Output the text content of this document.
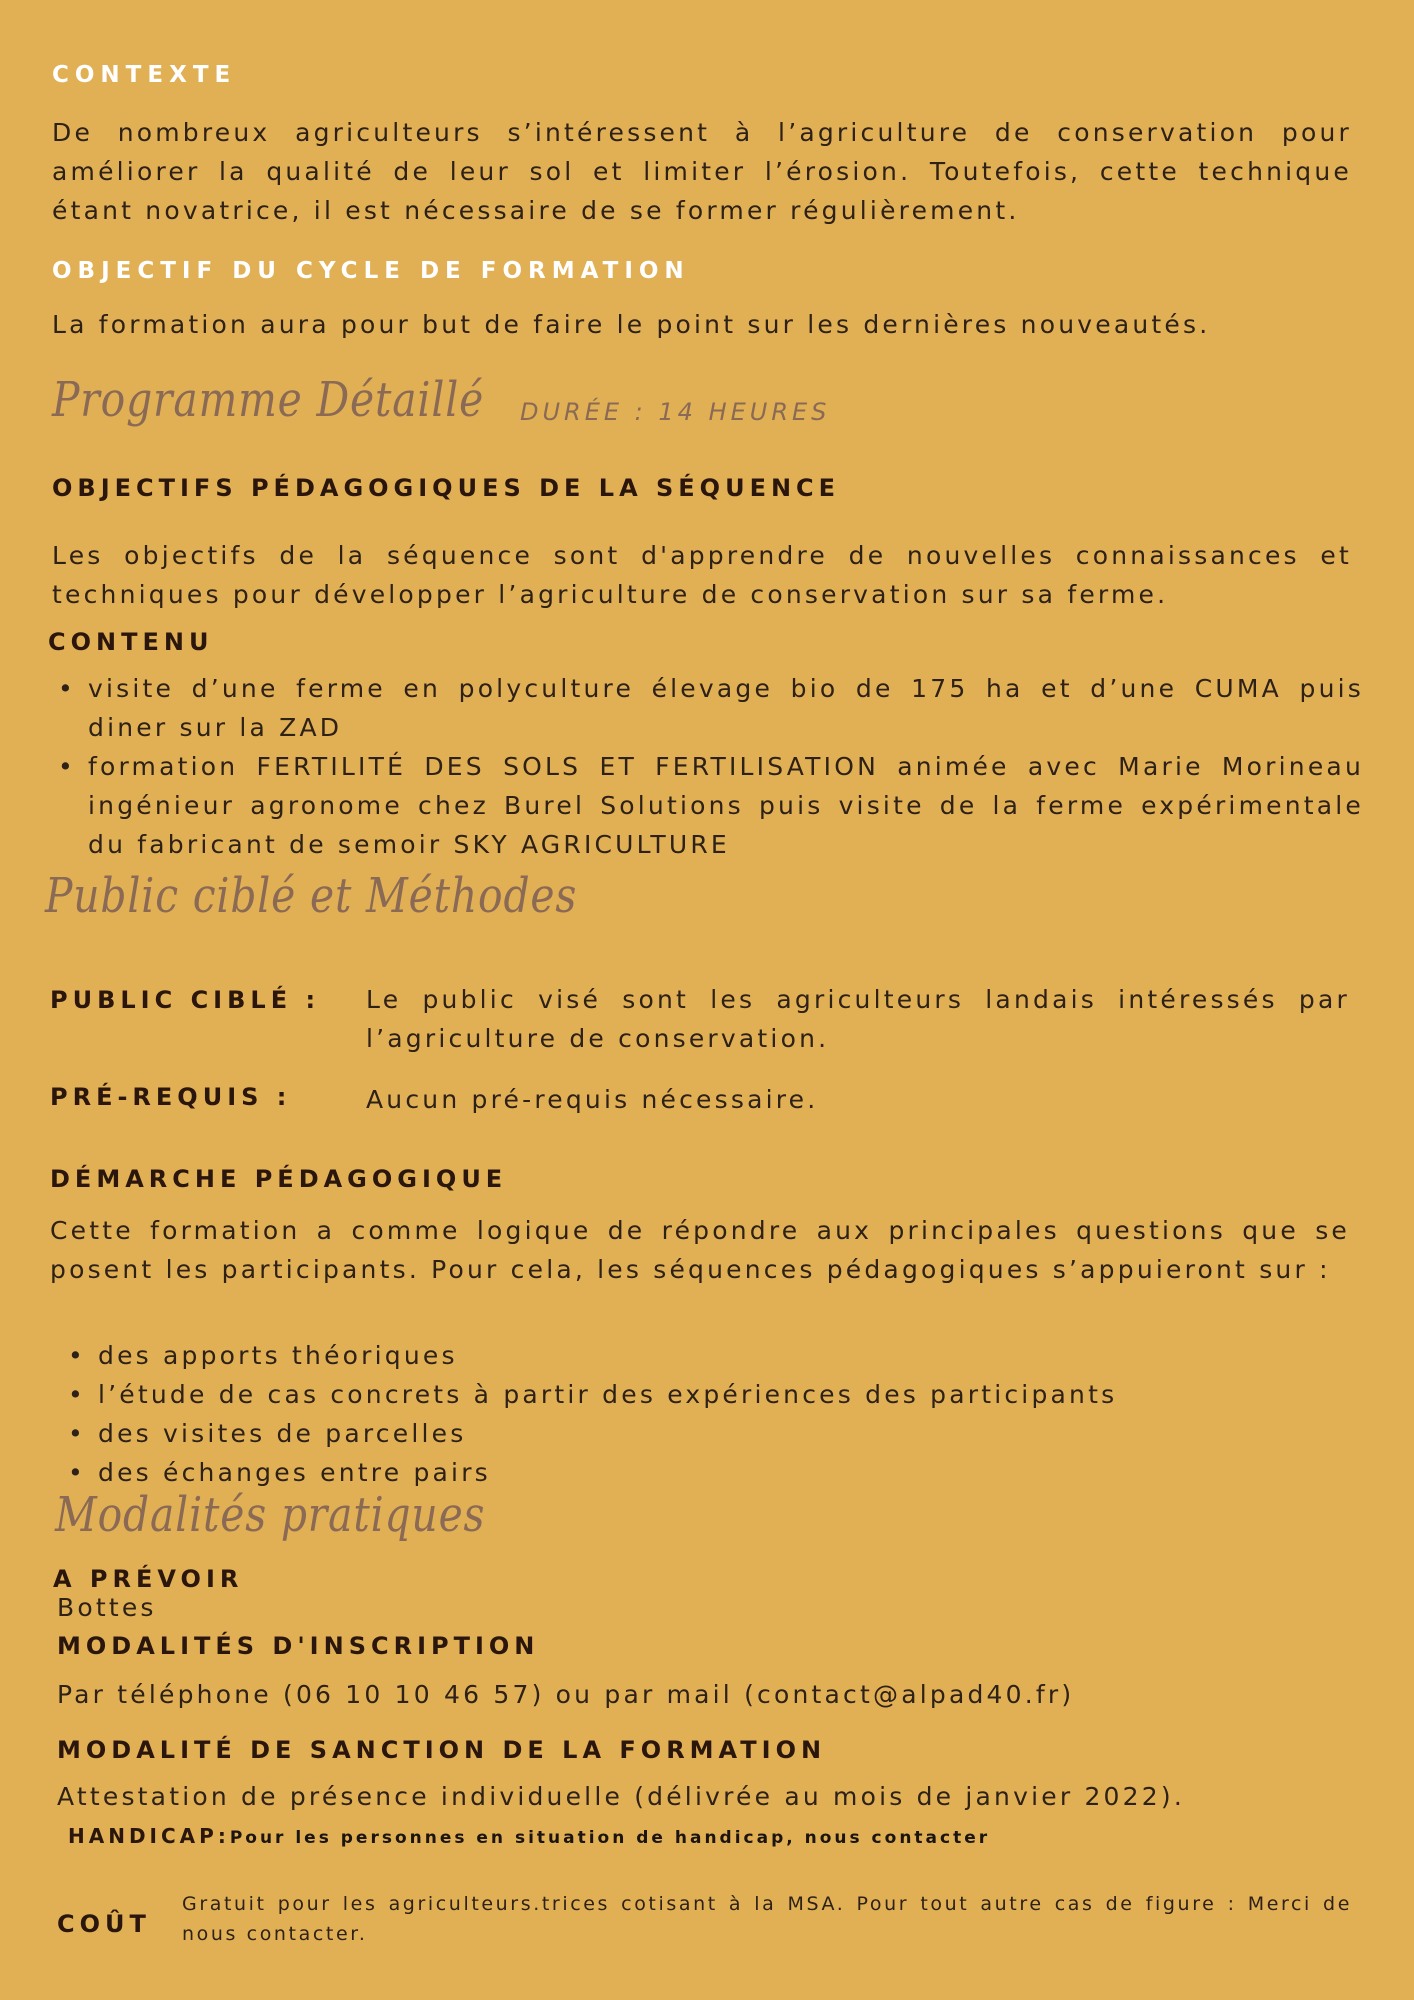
CONTEXTE
De nombreux agriculteurs s’intéressent à l’agriculture de conservation pour améliorer la qualité de leur sol et limiter l’érosion. Toutefois, cette technique étant novatrice, il est nécessaire de se former régulièrement.
OBJECTIF DU CYCLE DE FORMATION
La formation aura pour but de faire le point sur les dernières nouveautés.
Programme Détaillé DURÉE : 14 HEURES
OBJECTIFS PÉDAGOGIQUES DE LA SÉQUENCE
Les objectifs de la séquence sont d'apprendre de nouvelles connaissances et techniques pour développer l’agriculture de conservation sur sa ferme.
CONTENU
• visite d’une ferme en polyculture élevage bio de 175 ha et d’une CUMA puis diner sur la ZAD
• formation FERTILITÉ DES SOLS ET FERTILISATION animée avec Marie Morineau ingénieur agronome chez Burel Solutions puis visite de la ferme expérimentale du fabricant de semoir SKY AGRICULTURE
Public ciblé et Méthodes
PUBLIC CIBLÉ : Le public visé sont les agriculteurs landais intéressés par l’agriculture de conservation.
PRÉ-REQUIS :	Aucun pré-requis nécessaire.
DÉMARCHE PÉDAGOGIQUE
Cette formation a comme logique de répondre aux principales questions que se posent les participants. Pour cela, les séquences pédagogiques s’appuieront sur :
• des apports théoriques
• l’étude de cas concrets à partir des expériences des participants
• des visites de parcelles
• des échanges entre pairs
Modalités pratiques
A PRÉVOIR
Bottes
MODALITÉS D'INSCRIPTION
Par téléphone (06 10 10 46 57) ou par mail (contact@alpad40.fr)
MODALITÉ DE SANCTION DE LA FORMATION
Attestation de présence individuelle (délivrée au mois de janvier 2022).
HANDICAP:Pour les personnes en situation de handicap, nous contacter
COÛT
Gratuit pour les agriculteurs.trices cotisant à la MSA. Pour tout autre cas de figure : Merci de nous contacter.
